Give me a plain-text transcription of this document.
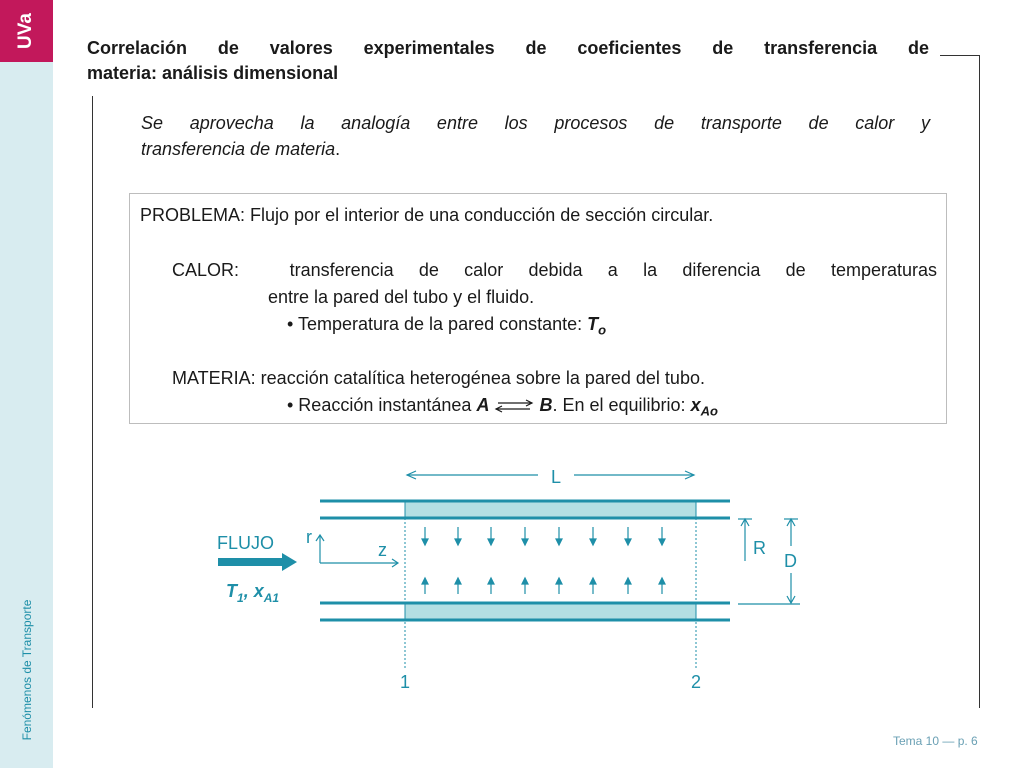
UVa
Fenómenos de Transporte
Correlación de valores experimentales de coeficientes de transferencia de
materia: análisis dimensional
Se aprovecha la analogía entre los procesos de transporte de calor y
transferencia de materia.
PROBLEMA: Flujo por el interior de una conducción de sección circular.
CALOR:	transferencia de calor debida a la diferencia de temperaturas
entre la pared del tubo y el fluido.
• Temperatura de la pared constante: $T_o$
MATERIA: reacción catalítica heterogénea sobre la pared del tubo.
• Reacción instantánea A ⇌ B. En el equilibrio: $x_{Ao}$
L
r
z
FLUJO
$T_1$, $x_{A1}$
R
D
1	2
Tema 10 — p. 6
